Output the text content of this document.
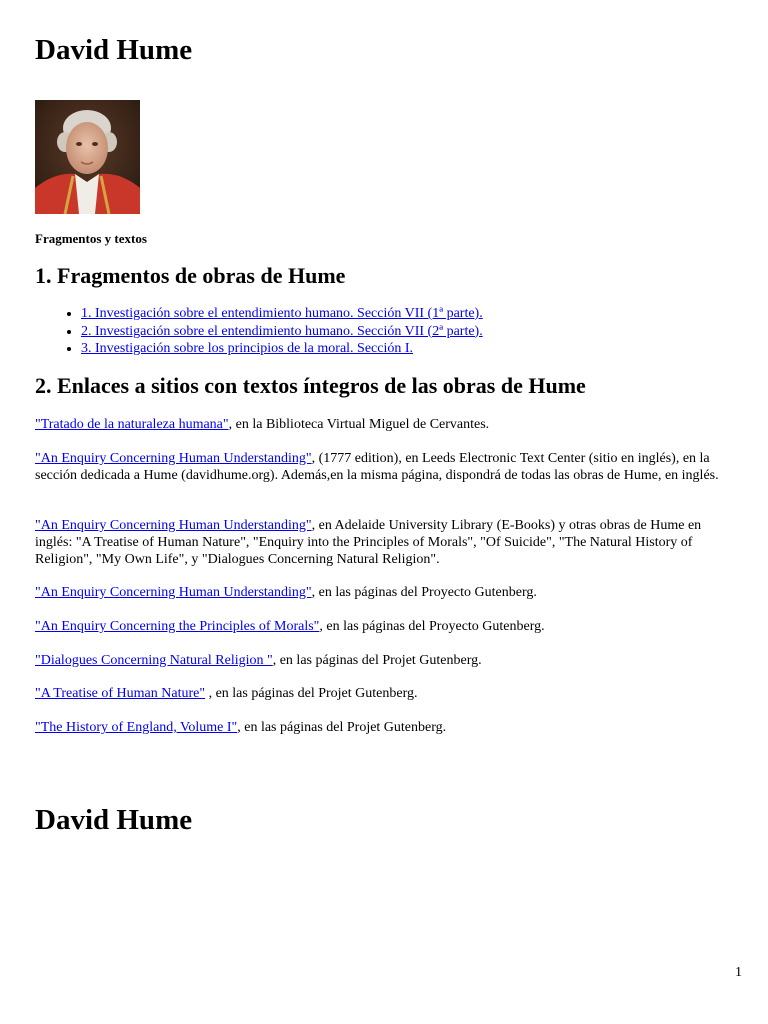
David Hume

Fragmentos y textos

1. Fragmentos de obras de Hume
• 1. Investigación sobre el entendimiento humano. Sección VII (1ª parte).
• 2. Investigación sobre el entendimiento humano. Sección VII (2ª parte).
• 3. Investigación sobre los principios de la moral. Sección I.
2. Enlaces a sitios con textos íntegros de las obras de Hume

"Tratado de la naturaleza humana", en la Biblioteca Virtual Miguel de Cervantes.

"An Enquiry Concerning Human Understanding", (1777 edition), en Leeds Electronic Text Center (sitio en inglés), en la sección dedicada a Hume (davidhume.org). Además,en la misma página, dispondrá de todas las obras de Hume, en inglés.

"An Enquiry Concerning Human Understanding", en Adelaide University Library (E-Books) y otras obras de Hume en inglés: "A Treatise of Human Nature", "Enquiry into the Principles of Morals", "Of Suicide", "The Natural History of Religion", "My Own Life", y "Dialogues Concerning Natural Religion".

"An Enquiry Concerning Human Understanding", en las páginas del Proyecto Gutenberg.

"An Enquiry Concerning the Principles of Morals", en las páginas del Proyecto Gutenberg.

"Dialogues Concerning Natural Religion ", en las páginas del Projet Gutenberg.

"A Treatise of Human Nature" , en las páginas del Projet Gutenberg.

"The History of England, Volume I", en las páginas del Projet Gutenberg.

David Hume
1
